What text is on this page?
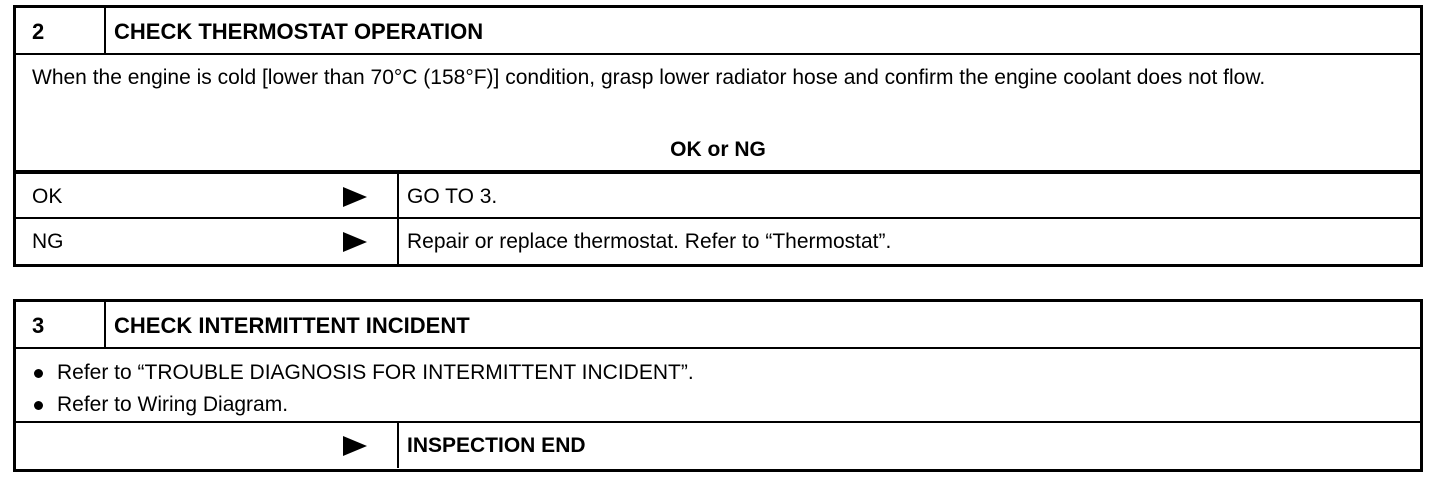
2	CHECK THERMOSTAT OPERATION
When the engine is cold [lower than 70°C (158°F)] condition, grasp lower radiator hose and confirm the engine coolant does not flow.
OK or NG
OK	GO TO 3.
NG	Repair or replace thermostat. Refer to “Thermostat”.
3	CHECK INTERMITTENT INCIDENT
Refer to “TROUBLE DIAGNOSIS FOR INTERMITTENT INCIDENT”.
Refer to Wiring Diagram.
INSPECTION END
